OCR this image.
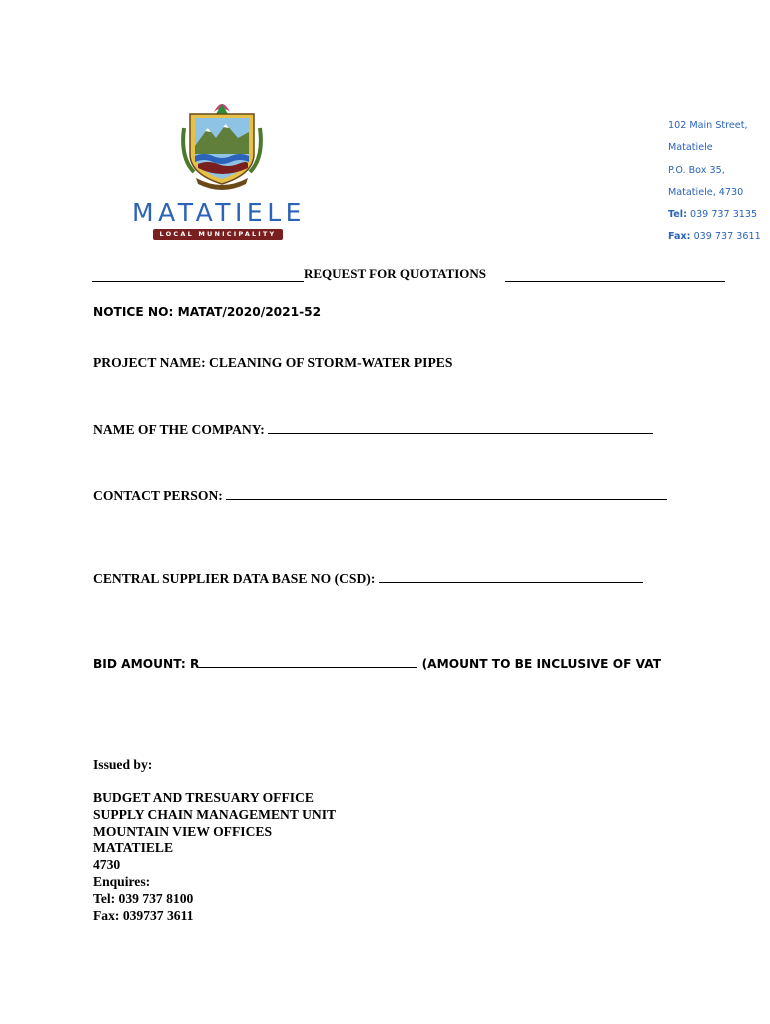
MATATIELE
LOCAL MUNICIPALITY
102 Main Street,
Matatiele
P.O. Box 35,
Matatiele, 4730
Tel: 039 737 3135
Fax: 039 737 3611
REQUEST FOR QUOTATIONS
NOTICE NO: MATAT/2020/2021-52
PROJECT NAME: CLEANING OF STORM-WATER PIPES
NAME OF THE COMPANY:
CONTACT PERSON:
CENTRAL SUPPLIER DATA BASE NO (CSD):
BID AMOUNT: R	(AMOUNT TO BE INCLUSIVE OF VAT
Issued by:
BUDGET AND TRESUARY OFFICE
SUPPLY CHAIN MANAGEMENT UNIT
MOUNTAIN VIEW OFFICES
MATATIELE
4730
Enquires:
Tel: 039 737 8100
Fax: 039737 3611
